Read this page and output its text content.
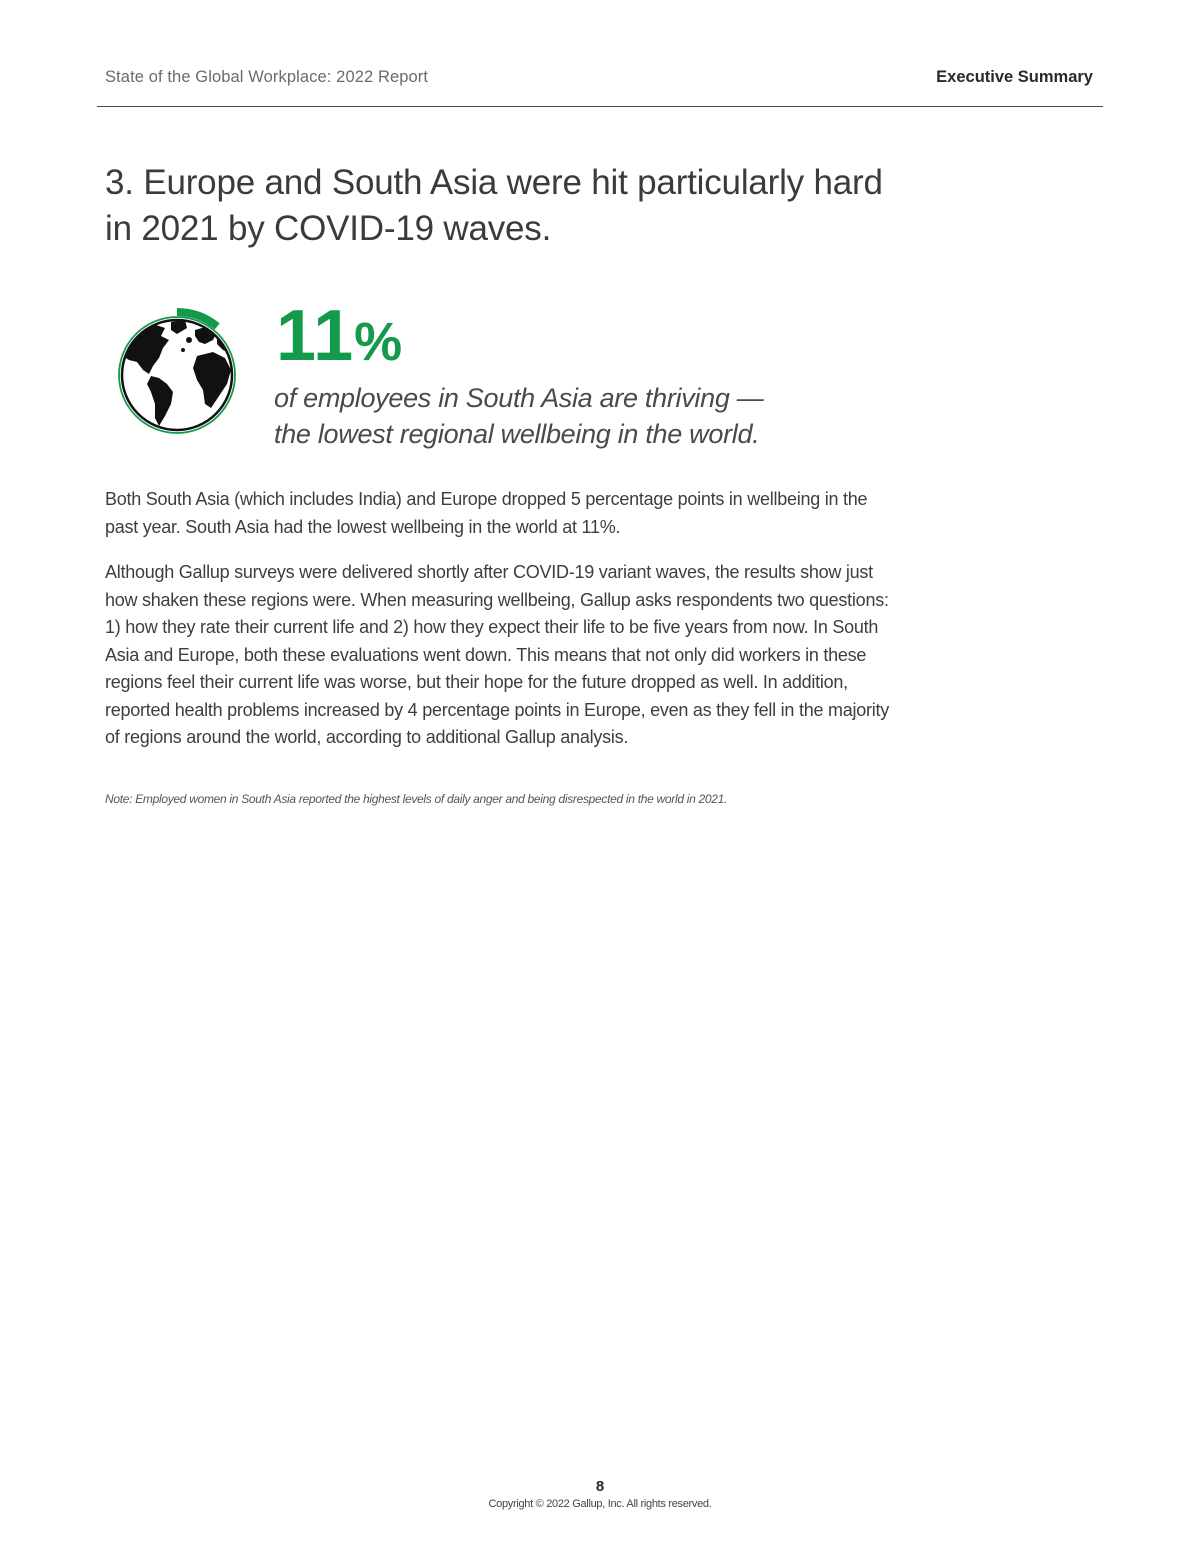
State of the Global Workplace: 2022 Report	Executive Summary
3. Europe and South Asia were hit particularly hard in 2021 by COVID-19 waves.
11%
of employees in South Asia are thriving —
the lowest regional wellbeing in the world.

Both South Asia (which includes India) and Europe dropped 5 percentage points in wellbeing in the past year. South Asia had the lowest wellbeing in the world at 11%.

Although Gallup surveys were delivered shortly after COVID-19 variant waves, the results show just how shaken these regions were. When measuring wellbeing, Gallup asks respondents two questions: 1) how they rate their current life and 2) how they expect their life to be five years from now. In South Asia and Europe, both these evaluations went down. This means that not only did workers in these regions feel their current life was worse, but their hope for the future dropped as well. In addition, reported health problems increased by 4 percentage points in Europe, even as they fell in the majority of regions around the world, according to additional Gallup analysis.

Note: Employed women in South Asia reported the highest levels of daily anger and being disrespected in the world in 2021.
8
Copyright © 2022 Gallup, Inc. All rights reserved.
